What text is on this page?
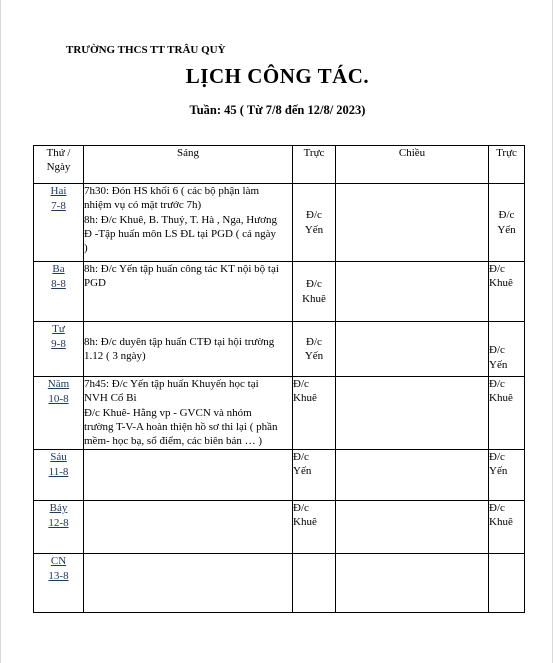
TRƯỜNG THCS TT TRÂU QUỲ
LỊCH CÔNG TÁC.
Tuần: 45 ( Từ 7/8 đến 12/8/ 2023)
Thứ /
Ngày	Sáng	Trực	Chiều	Trực

Hai
7-8	7h30: Đón HS khối 6 ( các bộ phận làm
nhiệm vụ có mặt trước 7h)
8h: Đ/c Khuê, B. Thuỷ, T. Hà , Nga, Hương
Đ -Tập huấn môn LS ĐL tại PGD ( cả ngày
)	Đ/c
Yến		Đ/c
Yến

Ba
8-8	8h: Đ/c Yến tập huấn công tác KT nội bộ tại
PGD	Đ/c
Khuê		Đ/c
Khuê

Tư
9-8	8h: Đ/c duyên tập huấn CTĐ tại hội trường
1.12 ( 3 ngày)	Đ/c
Yến		Đ/c
Yến

Năm
10-8	7h45: Đ/c Yến tập huấn Khuyến học tại
NVH Cổ Bi
Đ/c Khuê- Hằng vp - GVCN và nhóm
trường T-V-A hoàn thiện hồ sơ thi lại ( phần
mềm- học bạ, sổ điểm, các biên bản … )	Đ/c
Khuê		Đ/c
Khuê

Sáu
11-8		Đ/c
Yến		Đ/c
Yến

Bảy
12-8		Đ/c
Khuê		Đ/c
Khuê

CN
13-8				
